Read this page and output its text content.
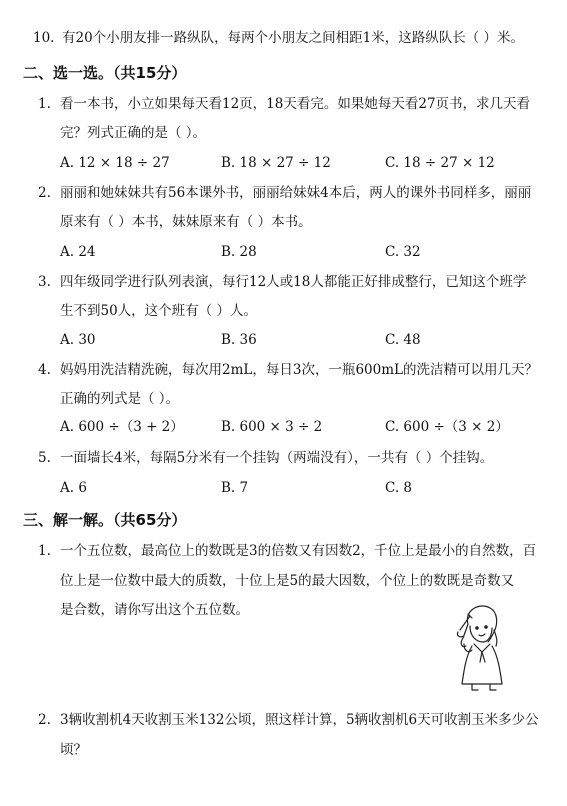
10. 有20个小朋友排一路纵队，每两个小朋友之间相距1米，这路纵队长（ ）米。
二、选一选。（共15分）
1. 看一本书，小立如果每天看12页，18天看完。如果她每天看27页书，求几天看
完？列式正确的是（ ）。
A. 12 × 18 ÷ 27	B. 18 × 27 ÷ 12	C. 18 ÷ 27 × 12
2. 丽丽和她妹妹共有56本课外书，丽丽给妹妹4本后，两人的课外书同样多，丽丽
原来有（ ）本书，妹妹原来有（ ）本书。
A. 24	B. 28	C. 32
3. 四年级同学进行队列表演，每行12人或18人都能正好排成整行，已知这个班学
生不到50人，这个班有（ ）人。
A. 30	B. 36	C. 48
4. 妈妈用洗洁精洗碗，每次用2mL，每日3次，一瓶600mL的洗洁精可以用几天？
正确的列式是（ ）。
A. 600 ÷（3 + 2）	B. 600 × 3 ÷ 2	C. 600 ÷（3 × 2）
5. 一面墙长4米，每隔5分米有一个挂钩（两端没有），一共有（ ）个挂钩。
A. 6	B. 7	C. 8
三、解一解。（共65分）
1. 一个五位数，最高位上的数既是3的倍数又有因数2，千位上是最小的自然数，百
位上是一位数中最大的质数，十位上是5的最大因数，个位上的数既是奇数又
是合数，请你写出这个五位数。
2. 3辆收割机4天收割玉米132公顷，照这样计算，5辆收割机6天可收割玉米多少公
顷？
